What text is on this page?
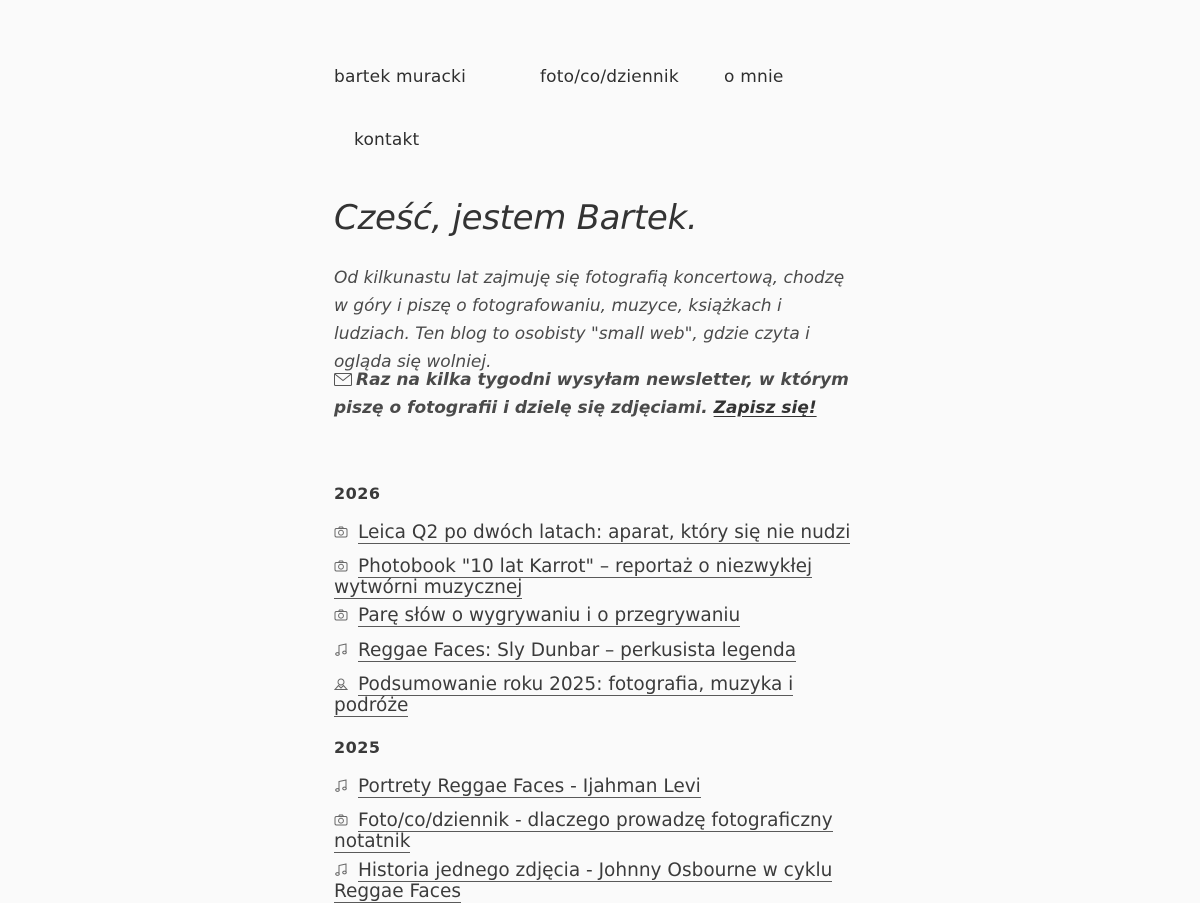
bartek muracki	foto/co/dziennik	o mnie
kontakt
Cześć, jestem Bartek.

Od kilkunastu lat zajmuję się fotografią koncertową, chodzę w góry i piszę o fotografowaniu, muzyce, książkach i ludziach. Ten blog to osobisty "small web", gdzie czyta i ogląda się wolniej.

Raz na kilka tygodni wysyłam newsletter, w którym piszę o fotografii i dzielę się zdjęciami. Zapisz się!

2026
Leica Q2 po dwóch latach: aparat, który się nie nudzi
Photobook "10 lat Karrot" – reportaż o niezwykłej wytwórni muzycznej
Parę słów o wygrywaniu i o przegrywaniu
Reggae Faces: Sly Dunbar – perkusista legenda
Podsumowanie roku 2025: fotografia, muzyka i podróże
2025
Portrety Reggae Faces - Ijahman Levi
Foto/co/dziennik - dlaczego prowadzę fotograficzny notatnik
Historia jednego zdjęcia - Johnny Osbourne w cyklu Reggae Faces
